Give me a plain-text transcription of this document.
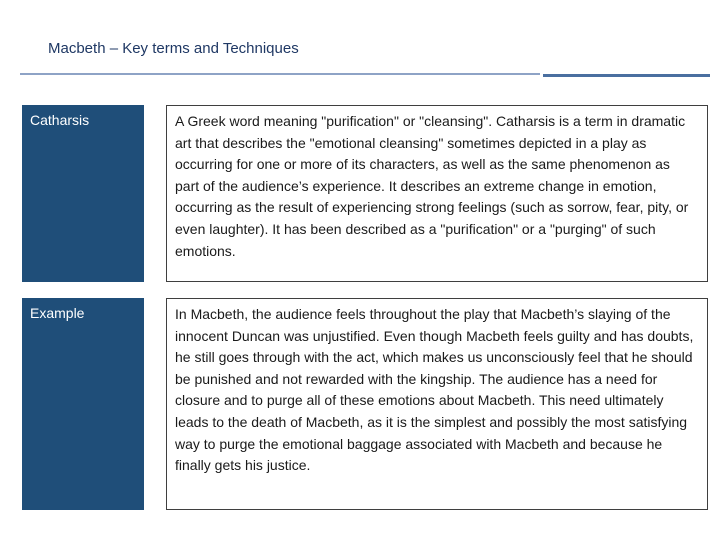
Macbeth – Key terms and Techniques
Catharsis	A Greek word meaning "purification" or "cleansing". Catharsis is a term in dramatic art that describes the "emotional cleansing" sometimes depicted in a play as occurring for one or more of its characters, as well as the same phenomenon as part of the audience’s experience. It describes an extreme change in emotion, occurring as the result of experiencing strong feelings (such as sorrow, fear, pity, or even laughter). It has been described as a "purification" or a "purging" of such emotions.
Example	In Macbeth, the audience feels throughout the play that Macbeth’s slaying of the innocent Duncan was unjustified. Even though Macbeth feels guilty and has doubts, he still goes through with the act, which makes us unconsciously feel that he should be punished and not rewarded with the kingship. The audience has a need for closure and to purge all of these emotions about Macbeth. This need ultimately leads to the death of Macbeth, as it is the simplest and possibly the most satisfying way to purge the emotional baggage associated with Macbeth and because he finally gets his justice.
